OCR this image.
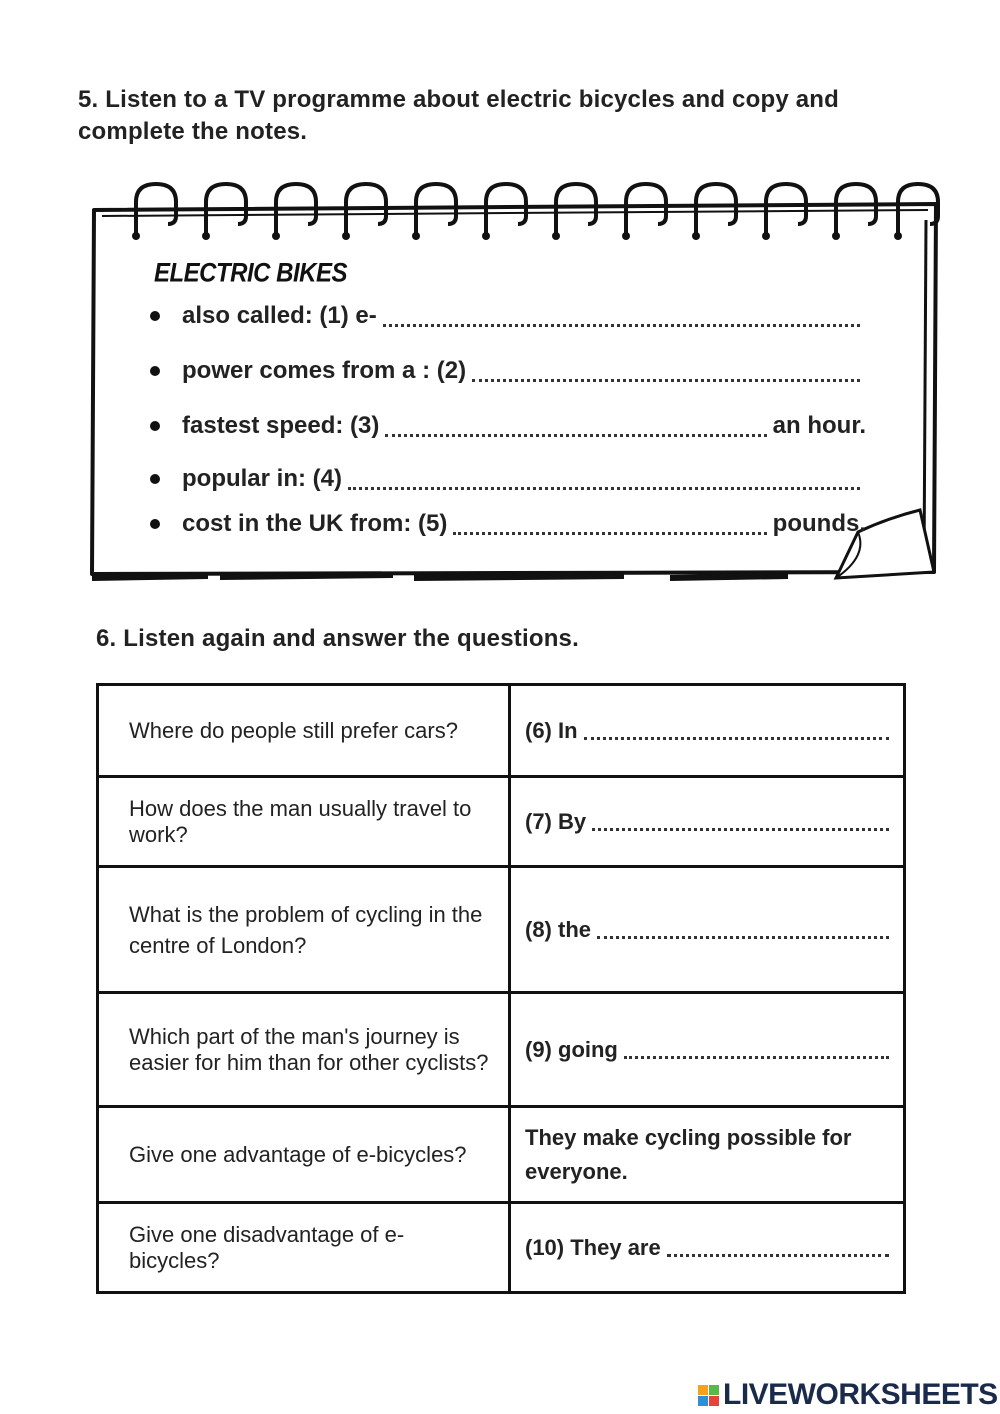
5. Listen to a TV programme about electric bicycles and copy and complete the notes.
ELECTRIC BIKES
also called: (1) e-
power comes from a : (2)
fastest speed: (3)	an hour.
popular in: (4)
cost in the UK from: (5)	pounds.
6. Listen again and answer the questions.
Where do people still prefer cars?	(6) In

How does the man usually travel to work?	(7) By

What is the problem of cycling in the centre of London?	(8) the

Which part of the man's journey is easier for him than for other cyclists?	(9) going

Give one advantage of e-bicycles?	They make cycling possible for everyone.
Give one disadvantage of e-bicycles?	(10) They are
LIVEWORKSHEETS
